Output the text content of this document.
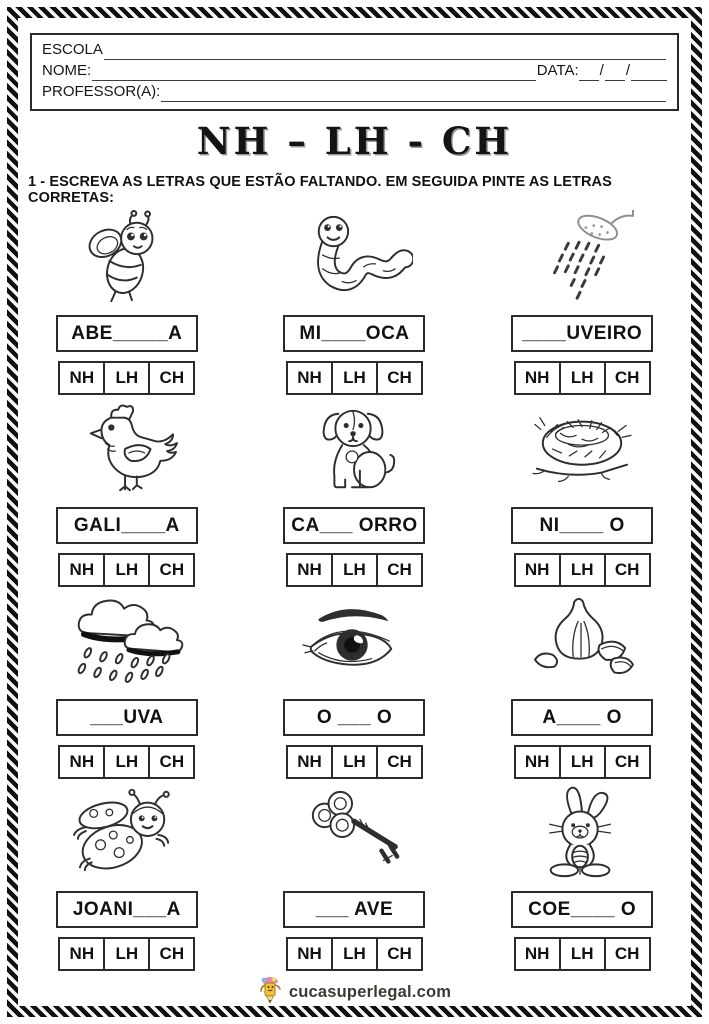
ESCOLA
NOME:	DATA: / /
PROFESSOR(A):
NH – LH - CH
1 - ESCREVA AS LETRAS QUE ESTÃO FALTANDO. EM SEGUIDA PINTE AS LETRAS CORRETAS:
ABE_____A
NH	LH	CH
MI____OCA
NH	LH	CH
____UVEIRO
NH	LH	CH
GALI____A
NH	LH	CH
CA___ ORRO
NH	LH	CH
NI____ O
NH	LH	CH
___UVA
NH	LH	CH
O ___ O
NH	LH	CH
A____ O
NH	LH	CH
JOANI___A
NH	LH	CH
___ AVE
NH	LH	CH
COE____ O
NH	LH	CH
cucasuperlegal.com
